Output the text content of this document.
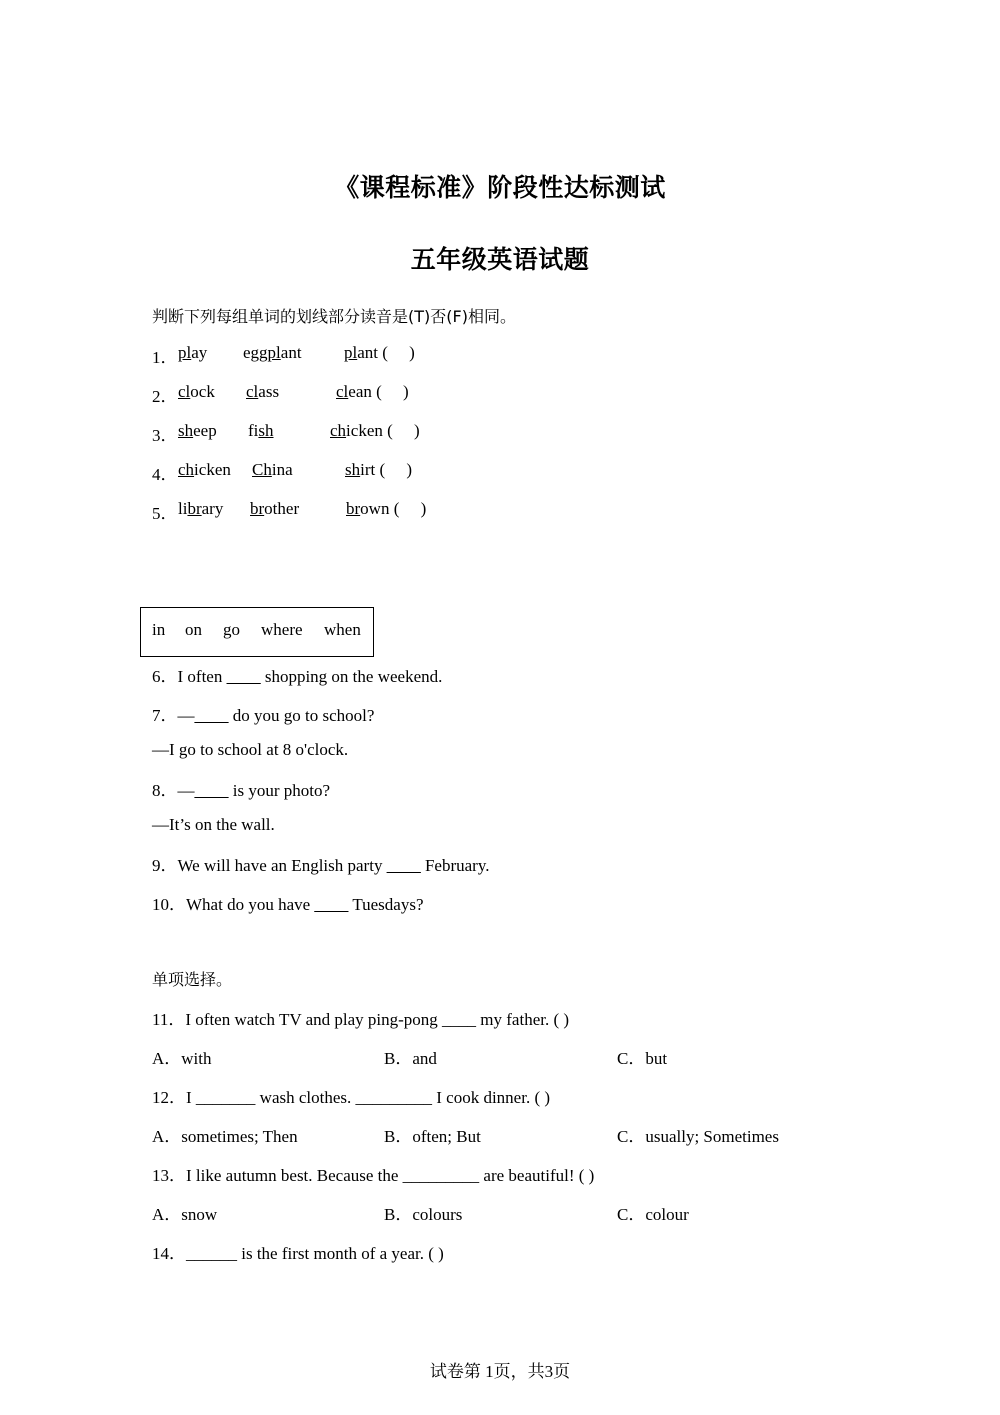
《课程标准》阶段性达标测试
五年级英语试题
判断下列每组单词的划线部分读音是(T)否(F)相同。
1． play eggplant plant (     )
2． clock class	clean (     )
3． sheep fish	chicken (     )
4． chicken China	shirt (     )
5． library brother	brown (     )
in on go where when
6．I often ____ shopping on the weekend.
7．—____ do you go to school?
—I go to school at 8 o'clock.
8．—____ is your photo?
—It’s on the wall.
9．We will have an English party ____ February.
10．What do you have ____ Tuesdays?
单项选择。
11．I often watch TV and play ping-pong ____ my father. ( )
A．with	B．and	C．but
12．I _______ wash clothes. _________ I cook dinner. ( )
A．sometimes; Then	B．often; But	C．usually; Sometimes
13．I like autumn best. Because the _________ are beautiful! ( )
A．snow	B．colours	C．colour
14．______ is the first month of a year. ( )
试卷第 1页，共3页
